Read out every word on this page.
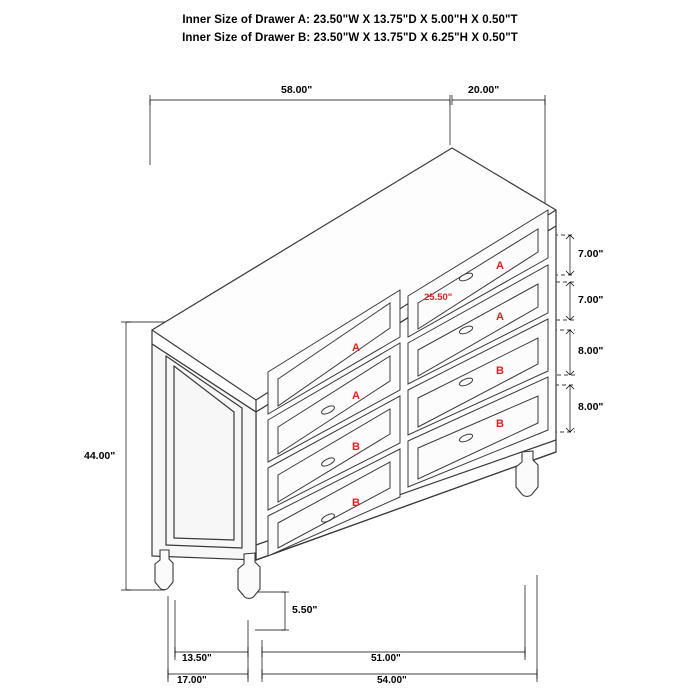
Inner Size of Drawer A: 23.50"W X 13.75"D X 5.00"H X 0.50"T
Inner Size of Drawer B: 23.50"W X 13.75"D X 6.25"H X 0.50"T
58.00"	20.00"
44.00"
7.00"
7.00"
8.00"
8.00"
5.50"
13.50"
17.00"
51.00"
54.00"
25.50"
A
A
B
B
A
A
B
B
